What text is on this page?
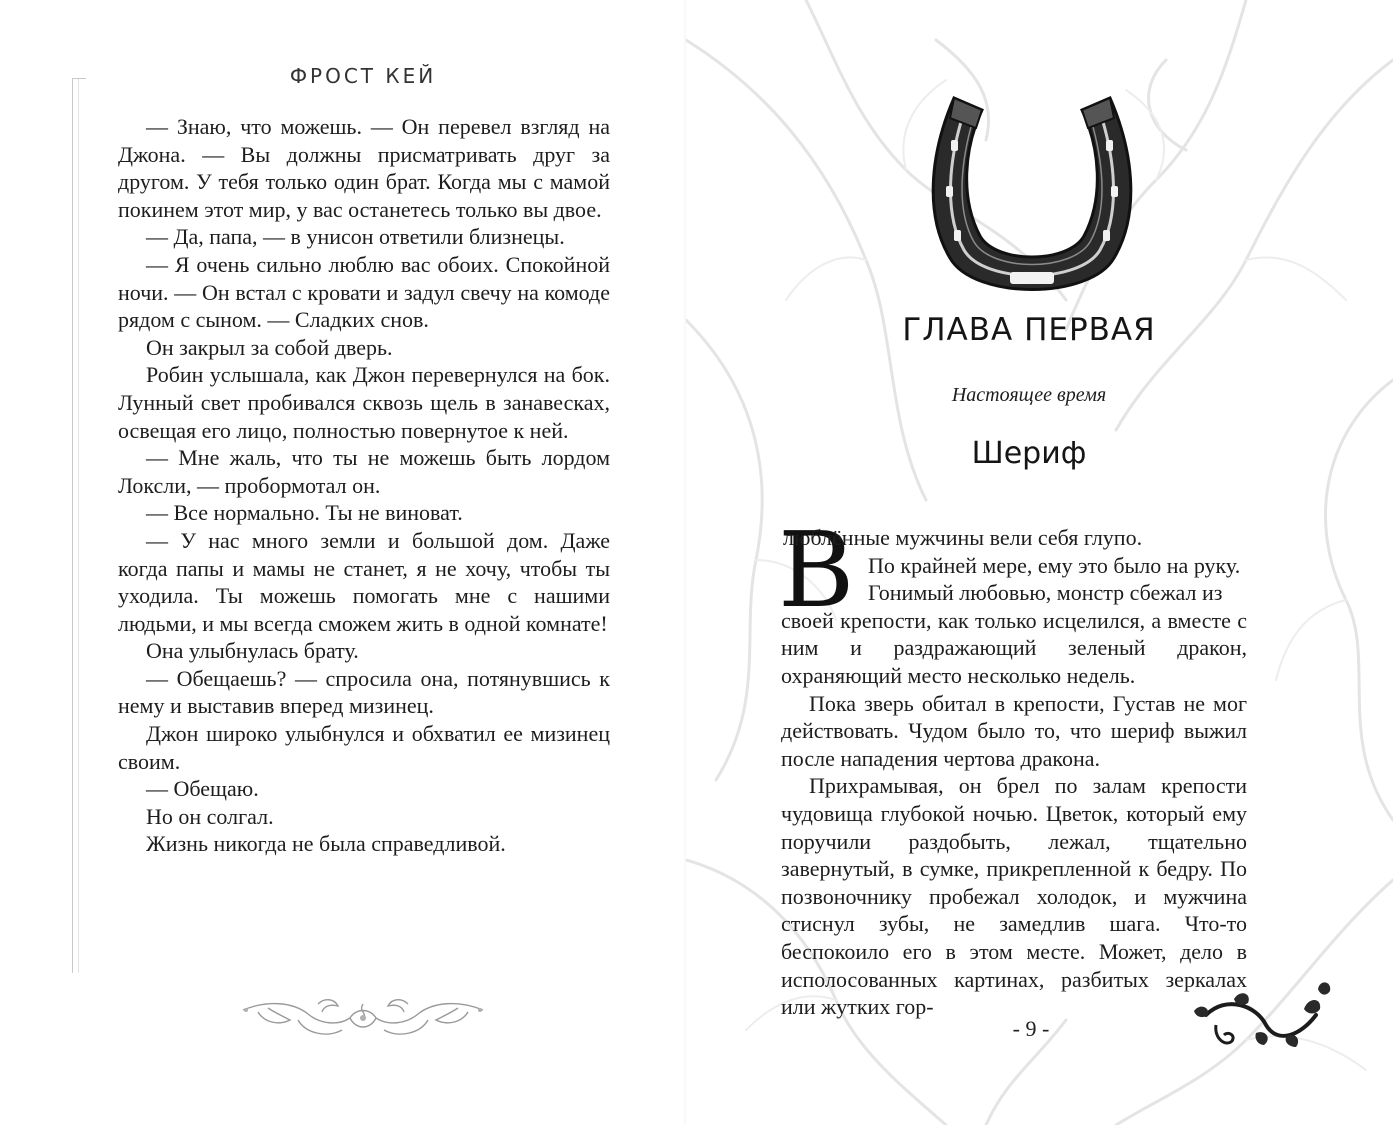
ФРОСТ КЕЙ

— Знаю, что можешь. — Он перевел взгляд на Джона. — Вы должны присматривать друг за другом. У тебя только один брат. Когда мы с мамой покинем этот мир, у вас останетесь только вы двое.

— Да, папа, — в унисон ответили близнецы.

— Я очень сильно люблю вас обоих. Спокойной ночи. — Он встал с кровати и задул свечу на комоде рядом с сыном. — Сладких снов.

Он закрыл за собой дверь.

Робин услышала, как Джон перевернулся на бок. Лунный свет пробивался сквозь щель в занавесках, освещая его лицо, полностью повернутое к ней.

— Мне жаль, что ты не можешь быть лордом Локсли, — пробормотал он.

— Все нормально. Ты не виноват.

— У нас много земли и большой дом. Даже когда папы и мамы не станет, я не хочу, чтобы ты уходила. Ты можешь помогать мне с нашими людьми, и мы всегда сможем жить в одной комнате!

Она улыбнулась брату.

— Обещаешь? — спросила она, потянувшись к нему и выставив вперед мизинец.

Джон широко улыбнулся и обхватил ее мизинец своим.

— Обещаю.

Но он солгал.

Жизнь никогда не была справедливой.

ГЛАВА ПЕРВАЯ
Настоящее время
Шериф
В

люблённые мужчины вели себя глупо.

По крайней мере, ему это было на руку.

Гонимый любовью, монстр сбежал из

своей крепости, как только исцелился, а вместе с ним и раздражающий зеленый дракон, охраняющий место несколько недель.

Пока зверь обитал в крепости, Густав не мог действовать. Чудом было то, что шериф выжил после нападения чертова дракона.

Прихрамывая, он брел по залам крепости чудовища глубокой ночью. Цветок, который ему поручили раздобыть, лежал, тщательно завернутый, в сумке, прикрепленной к бедру. По позвоночнику пробежал холодок, и мужчина стиснул зубы, не замедлив шага. Что-то беспокоило его в этом месте. Может, дело в исполосованных картинах, разбитых зеркалах или жутких гор-

- 9 -
